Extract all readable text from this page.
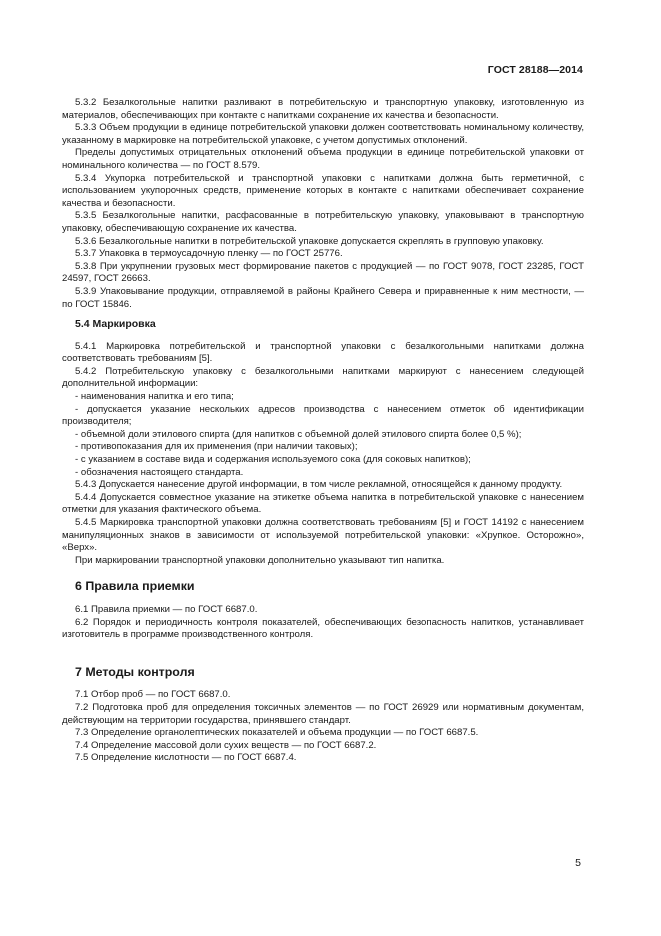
ГОСТ 28188—2014

5.3.2 Безалкогольные напитки разливают в потребительскую и транспортную упаковку, изготовленную из материалов, обеспечивающих при контакте с напитками сохранение их качества и безопасности.

5.3.3 Объем продукции в единице потребительской упаковки должен соответствовать номинальному количеству, указанному в маркировке на потребительской упаковке, с учетом допустимых отклонений.

Пределы допустимых отрицательных отклонений объема продукции в единице потребительской упаковки от номинального количества — по ГОСТ 8.579.

5.3.4 Укупорка потребительской и транспортной упаковки с напитками должна быть герметичной, с использованием укупорочных средств, применение которых в контакте с напитками обеспечивает сохранение качества и безопасности.

5.3.5 Безалкогольные напитки, расфасованные в потребительскую упаковку, упаковывают в транспортную упаковку, обеспечивающую сохранение их качества.

5.3.6 Безалкогольные напитки в потребительской упаковке допускается скреплять в групповую упаковку.

5.3.7 Упаковка в термоусадочную пленку — по ГОСТ 25776.

5.3.8 При укрупнении грузовых мест формирование пакетов с продукцией — по ГОСТ 9078, ГОСТ 23285, ГОСТ 24597, ГОСТ 26663.

5.3.9 Упаковывание продукции, отправляемой в районы Крайнего Севера и приравненные к ним местности, — по ГОСТ 15846.

5.4 Маркировка

5.4.1 Маркировка потребительской и транспортной упаковки с безалкогольными напитками должна соответствовать требованиям [5].

5.4.2 Потребительскую упаковку с безалкогольными напитками маркируют с нанесением следующей дополнительной информации:

- наименования напитка и его типа;

- допускается указание нескольких адресов производства с нанесением отметок об идентификации производителя;

- объемной доли этилового спирта (для напитков с объемной долей этилового спирта более 0,5 %);

- противопоказания для их применения (при наличии таковых);

- с указанием в составе вида и содержания используемого сока (для соковых напитков);

- обозначения настоящего стандарта.

5.4.3 Допускается нанесение другой информации, в том числе рекламной, относящейся к данному продукту.

5.4.4 Допускается совместное указание на этикетке объема напитка в потребительской упаковке с нанесением отметки для указания фактического объема.

5.4.5 Маркировка транспортной упаковки должна соответствовать требованиям [5] и ГОСТ 14192 с нанесением манипуляционных знаков в зависимости от используемой потребительской упаковки: «Хрупкое. Осторожно», «Верх».

При маркировании транспортной упаковки дополнительно указывают тип напитка.

6 Правила приемки

6.1 Правила приемки — по ГОСТ 6687.0.

6.2 Порядок и периодичность контроля показателей, обеспечивающих безопасность напитков, устанавливает изготовитель в программе производственного контроля.

7 Методы контроля

7.1 Отбор проб — по ГОСТ 6687.0.

7.2 Подготовка проб для определения токсичных элементов — по ГОСТ 26929 или нормативным документам, действующим на территории государства, принявшего стандарт.

7.3 Определение органолептических показателей и объема продукции — по ГОСТ 6687.5.

7.4 Определение массовой доли сухих веществ — по ГОСТ 6687.2.

7.5 Определение кислотности — по ГОСТ 6687.4.

5
